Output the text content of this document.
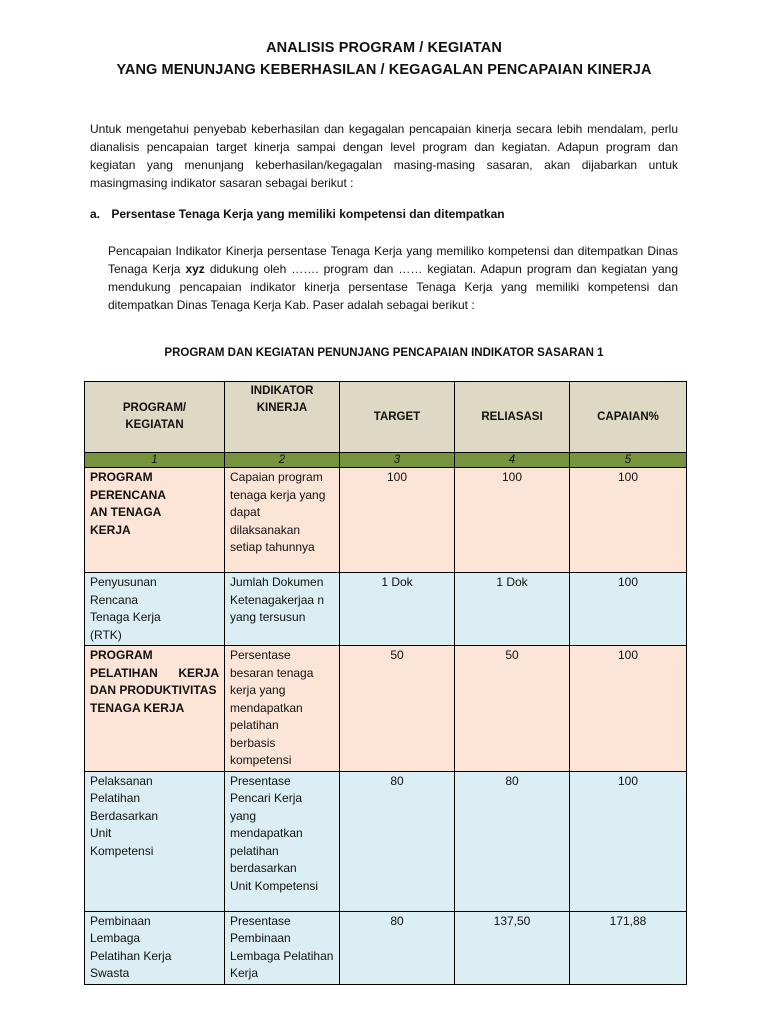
ANALISIS PROGRAM / KEGIATAN
YANG MENUNJANG KEBERHASILAN / KEGAGALAN PENCAPAIAN KINERJA
Untuk mengetahui penyebab keberhasilan dan kegagalan pencapaian kinerja secara lebih mendalam, perlu dianalisis pencapaian target kinerja sampai dengan level program dan kegiatan. Adapun program dan kegiatan yang menunjang keberhasilan/kegagalan masing-masing sasaran, akan dijabarkan untuk masingmasing indikator sasaran sebagai berikut :
a. Persentase Tenaga Kerja yang memiliki kompetensi dan ditempatkan
Pencapaian Indikator Kinerja persentase Tenaga Kerja yang memiliko kompetensi dan ditempatkan Dinas Tenaga Kerja xyz didukung oleh ……. program dan …… kegiatan. Adapun program dan kegiatan yang mendukung pencapaian indikator kinerja persentase Tenaga Kerja yang memiliki kompetensi dan ditempatkan Dinas Tenaga Kerja Kab. Paser adalah sebagai berikut :
PROGRAM DAN KEGIATAN PENUNJANG PENCAPAIAN INDIKATOR SASARAN 1
PROGRAM/ KEGIATAN	INDIKATOR KINERJA	TARGET	RELIASASI	CAPAIAN%
1	2	3	4	5
PROGRAM PERENCANA AN TENAGA KERJA	Capaian program tenaga kerja yang dapat dilaksanakan setiap tahunnya	100	100	100
Penyusunan Rencana Tenaga Kerja (RTK)	Jumlah Dokumen Ketenagakerjaa n yang tersusun	1 Dok	1 Dok	100

PROGRAM PELATIHAN KERJA
DAN PRODUKTIVITAS TENAGA KERJA	Persentase besaran tenaga kerja yang mendapatkan pelatihan berbasis kompetensi	50	50	100
Pelaksanan Pelatihan Berdasarkan Unit Kompetensi	Presentase Pencari Kerja yang mendapatkan pelatihan berdasarkan Unit Kompetensi	80	80	100
Pembinaan Lembaga Pelatihan Kerja Swasta	Presentase Pembinaan Lembaga Pelatihan Kerja	80	137,50	171,88
